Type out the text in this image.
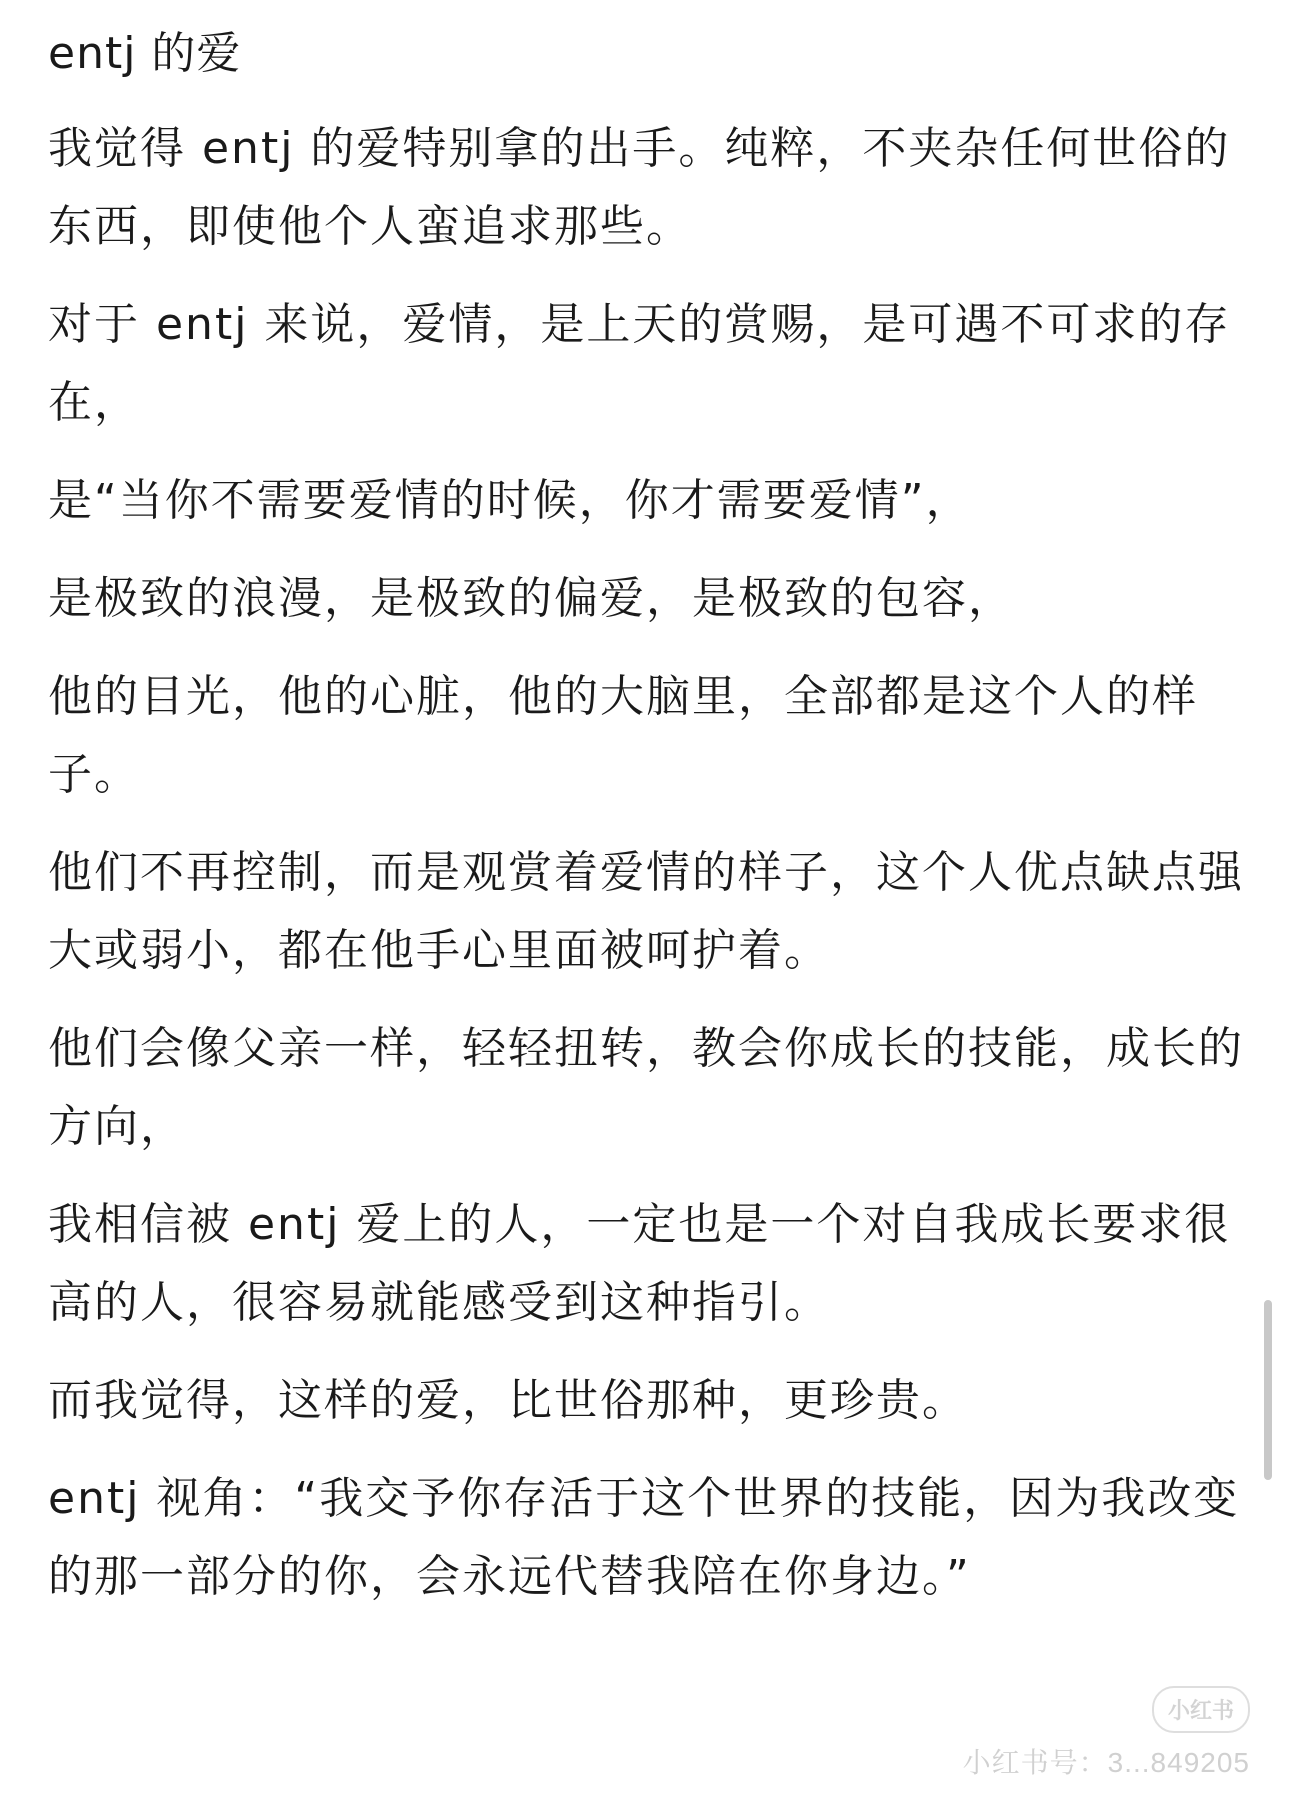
entj 的爱

我觉得 entj 的爱特别拿的出手。纯粹，不夹杂任何世俗的东西，即使他个人蛮追求那些。

对于 entj 来说，爱情，是上天的赏赐，是可遇不可求的存在，

是“当你不需要爱情的时候，你才需要爱情”，

是极致的浪漫，是极致的偏爱，是极致的包容，

他的目光，他的心脏，他的大脑里，全部都是这个人的样子。

他们不再控制，而是观赏着爱情的样子，这个人优点缺点强大或弱小，都在他手心里面被呵护着。

他们会像父亲一样，轻轻扭转，教会你成长的技能，成长的方向，

我相信被 entj 爱上的人，一定也是一个对自我成长要求很高的人，很容易就能感受到这种指引。

而我觉得，这样的爱，比世俗那种，更珍贵。

entj 视角：“我交予你存活于这个世界的技能，因为我改变的那一部分的你，会永远代替我陪在你身边。”

小红书
小红书号：3...849205
